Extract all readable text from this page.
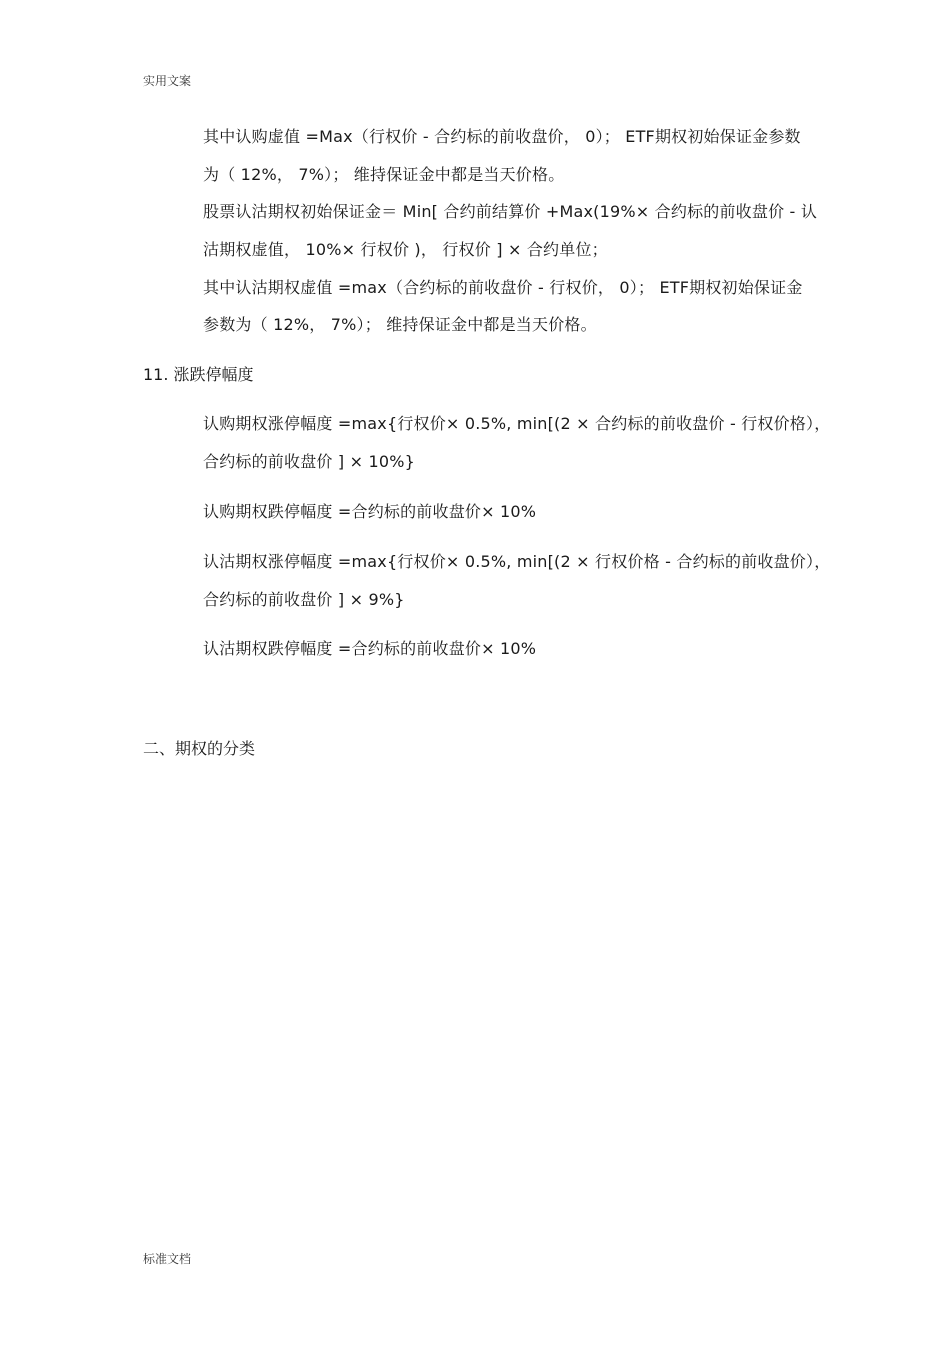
实用文案
其中认购虚值 =Max（行权价 - 合约标的前收盘价， 0）； ETF期权初始保证金参数
为（ 12%， 7%）； 维持保证金中都是当天价格。
股票认沽期权初始保证金＝ Min[ 合约前结算价 +Max(19%× 合约标的前收盘价 - 认
沽期权虚值， 10%× 行权价 )， 行权价 ] × 合约单位；
其中认沽期权虚值 =max（合约标的前收盘价 - 行权价， 0）； ETF期权初始保证金
参数为（ 12%， 7%）； 维持保证金中都是当天价格。
11. 涨跌停幅度
认购期权涨停幅度 =max{行权价× 0.5%, min[(2 × 合约标的前收盘价 - 行权价格），
合约标的前收盘价 ] × 10%}
认购期权跌停幅度 =合约标的前收盘价× 10%
认沽期权涨停幅度 =max{行权价× 0.5%, min[(2 × 行权价格 - 合约标的前收盘价），
合约标的前收盘价 ] × 9%}
认沽期权跌停幅度 =合约标的前收盘价× 10%
二、期权的分类
标准文档
